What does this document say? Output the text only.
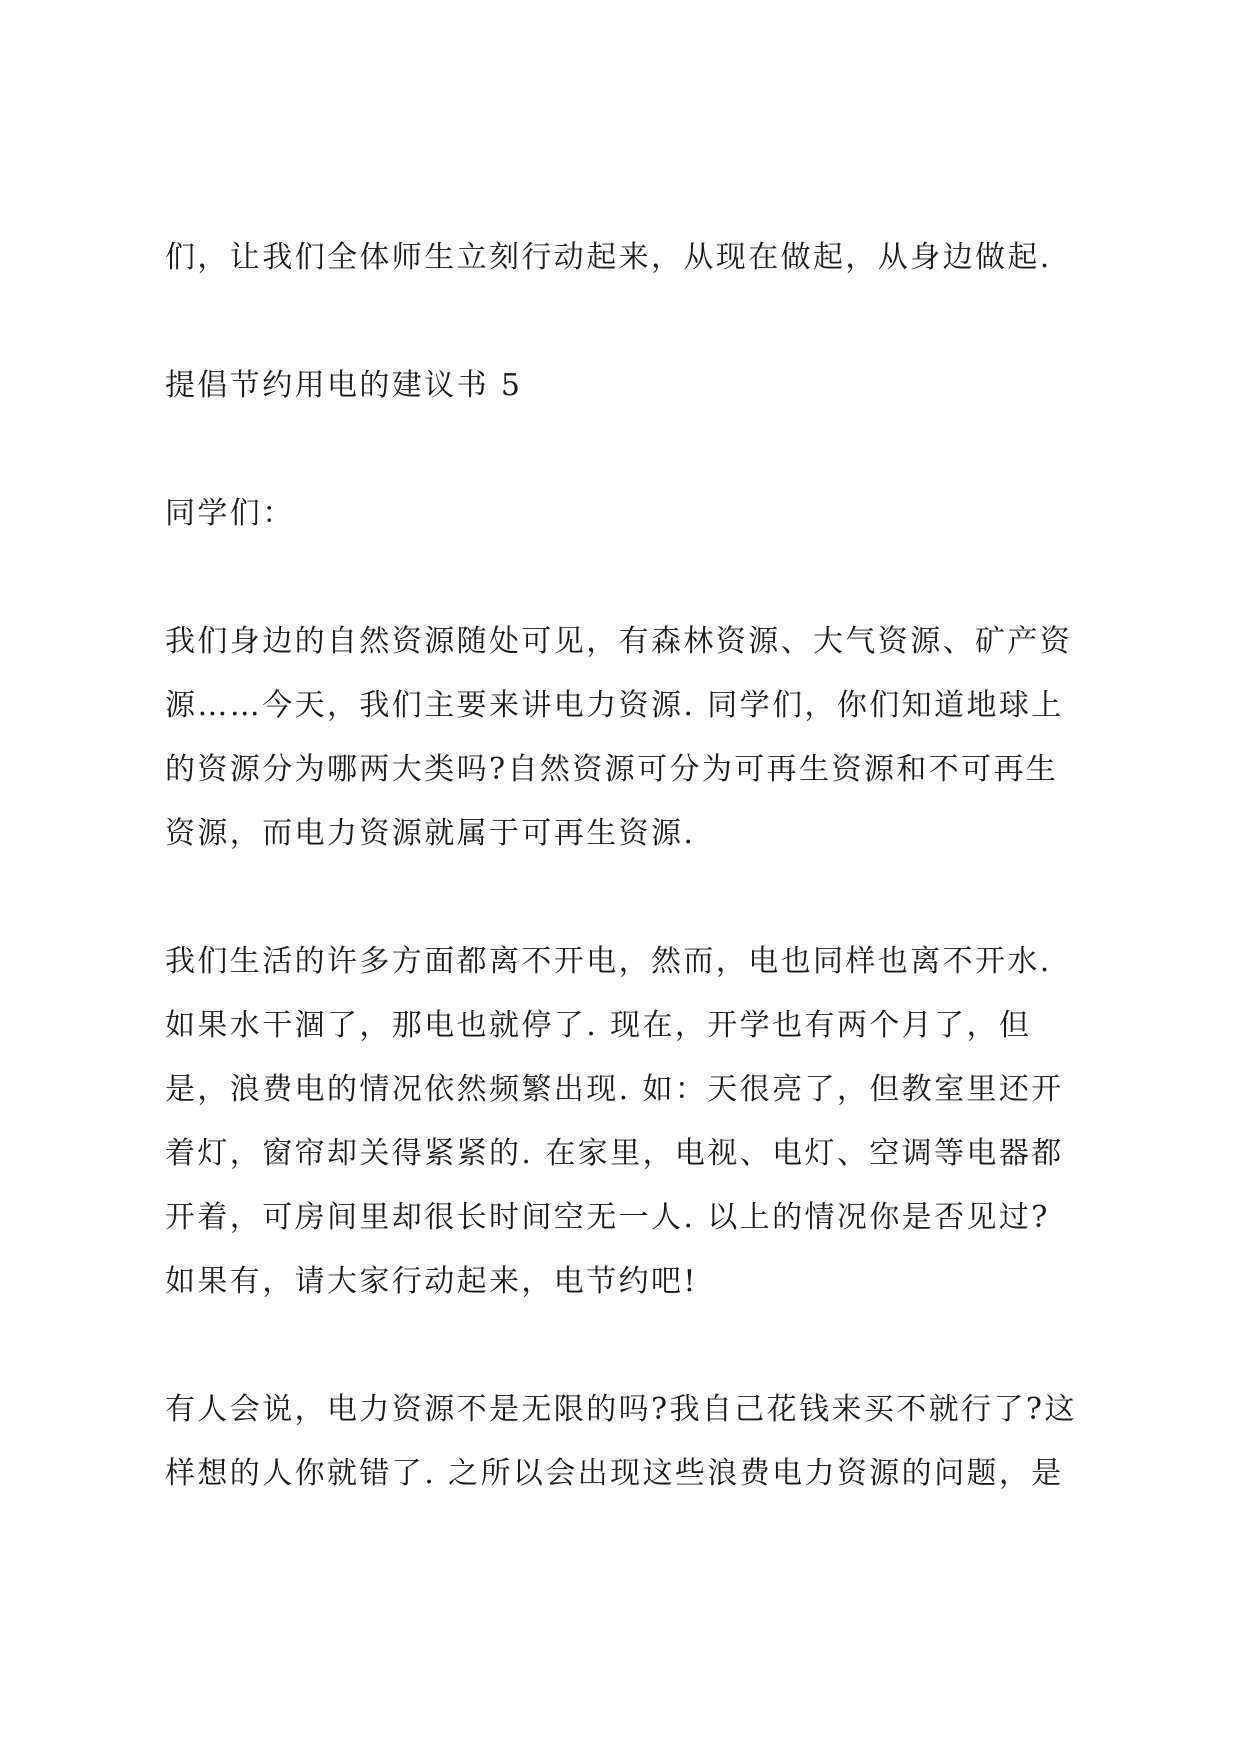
们，让我们全体师生立刻行动起来，从现在做起，从身边做起.

提倡节约用电的建议书 5

同学们：

我们身边的自然资源随处可见，有森林资源、大气资源、矿产资
源……今天，我们主要来讲电力资源. 同学们，你们知道地球上
的资源分为哪两大类吗?自然资源可分为可再生资源和不可再生
资源，而电力资源就属于可再生资源.

我们生活的许多方面都离不开电，然而，电也同样也离不开水.
如果水干涸了，那电也就停了. 现在，开学也有两个月了，但
是，浪费电的情况依然频繁出现. 如：天很亮了，但教室里还开
着灯，窗帘却关得紧紧的. 在家里，电视、电灯、空调等电器都
开着，可房间里却很长时间空无一人. 以上的情况你是否见过?
如果有，请大家行动起来，电节约吧!

有人会说，电力资源不是无限的吗?我自己花钱来买不就行了?这
样想的人你就错了. 之所以会出现这些浪费电力资源的问题，是
